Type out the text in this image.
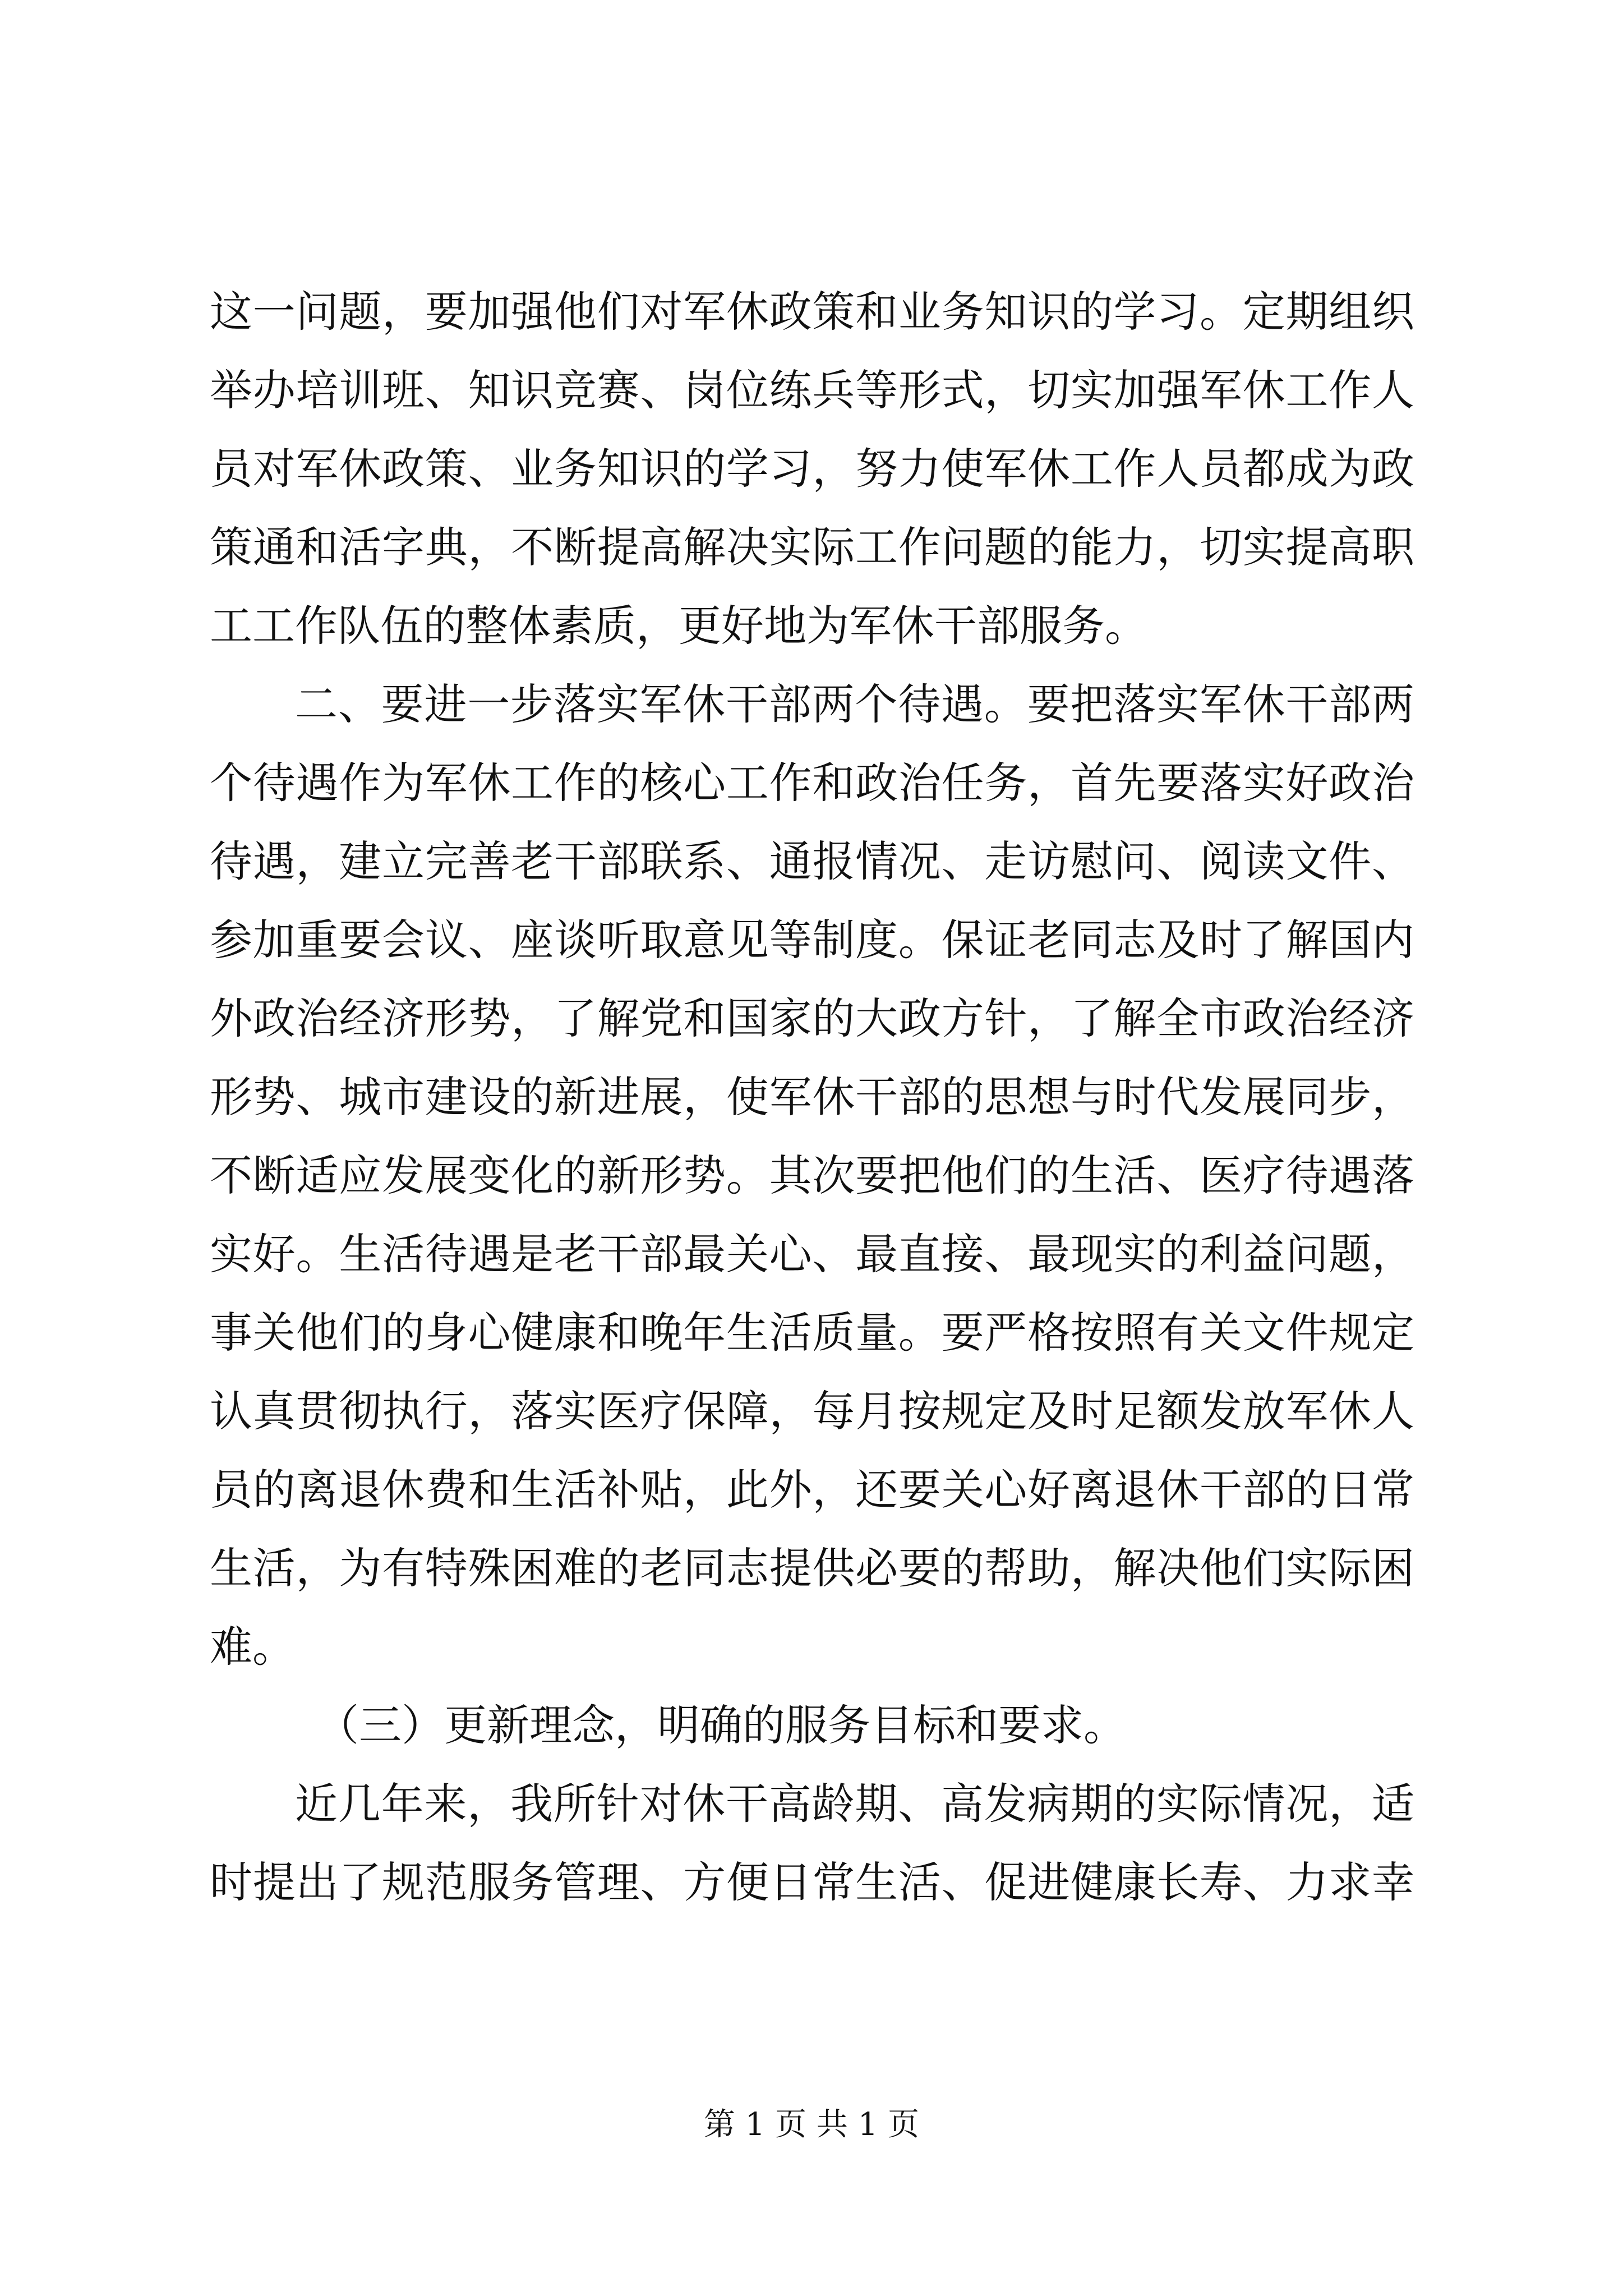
这一问题，要加强他们对军休政策和业务知识的学习。定期组织
举办培训班、知识竞赛、岗位练兵等形式，切实加强军休工作人
员对军休政策、业务知识的学习，努力使军休工作人员都成为政
策通和活字典，不断提高解决实际工作问题的能力，切实提高职
工工作队伍的整体素质，更好地为军休干部服务。
二、要进一步落实军休干部两个待遇。要把落实军休干部两
个待遇作为军休工作的核心工作和政治任务，首先要落实好政治
待遇，建立完善老干部联系、通报情况、走访慰问、阅读文件、
参加重要会议、座谈听取意见等制度。保证老同志及时了解国内
外政治经济形势，了解党和国家的大政方针，了解全市政治经济
形势、城市建设的新进展，使军休干部的思想与时代发展同步，
不断适应发展变化的新形势。其次要把他们的生活、医疗待遇落
实好。生活待遇是老干部最关心、最直接、最现实的利益问题，
事关他们的身心健康和晚年生活质量。要严格按照有关文件规定
认真贯彻执行，落实医疗保障，每月按规定及时足额发放军休人
员的离退休费和生活补贴，此外，还要关心好离退休干部的日常
生活，为有特殊困难的老同志提供必要的帮助，解决他们实际困
难。
（三）更新理念，明确的服务目标和要求。
近几年来，我所针对休干高龄期、高发病期的实际情况，适
时提出了规范服务管理、方便日常生活、促进健康长寿、力求幸
第 1 页 共 1 页
